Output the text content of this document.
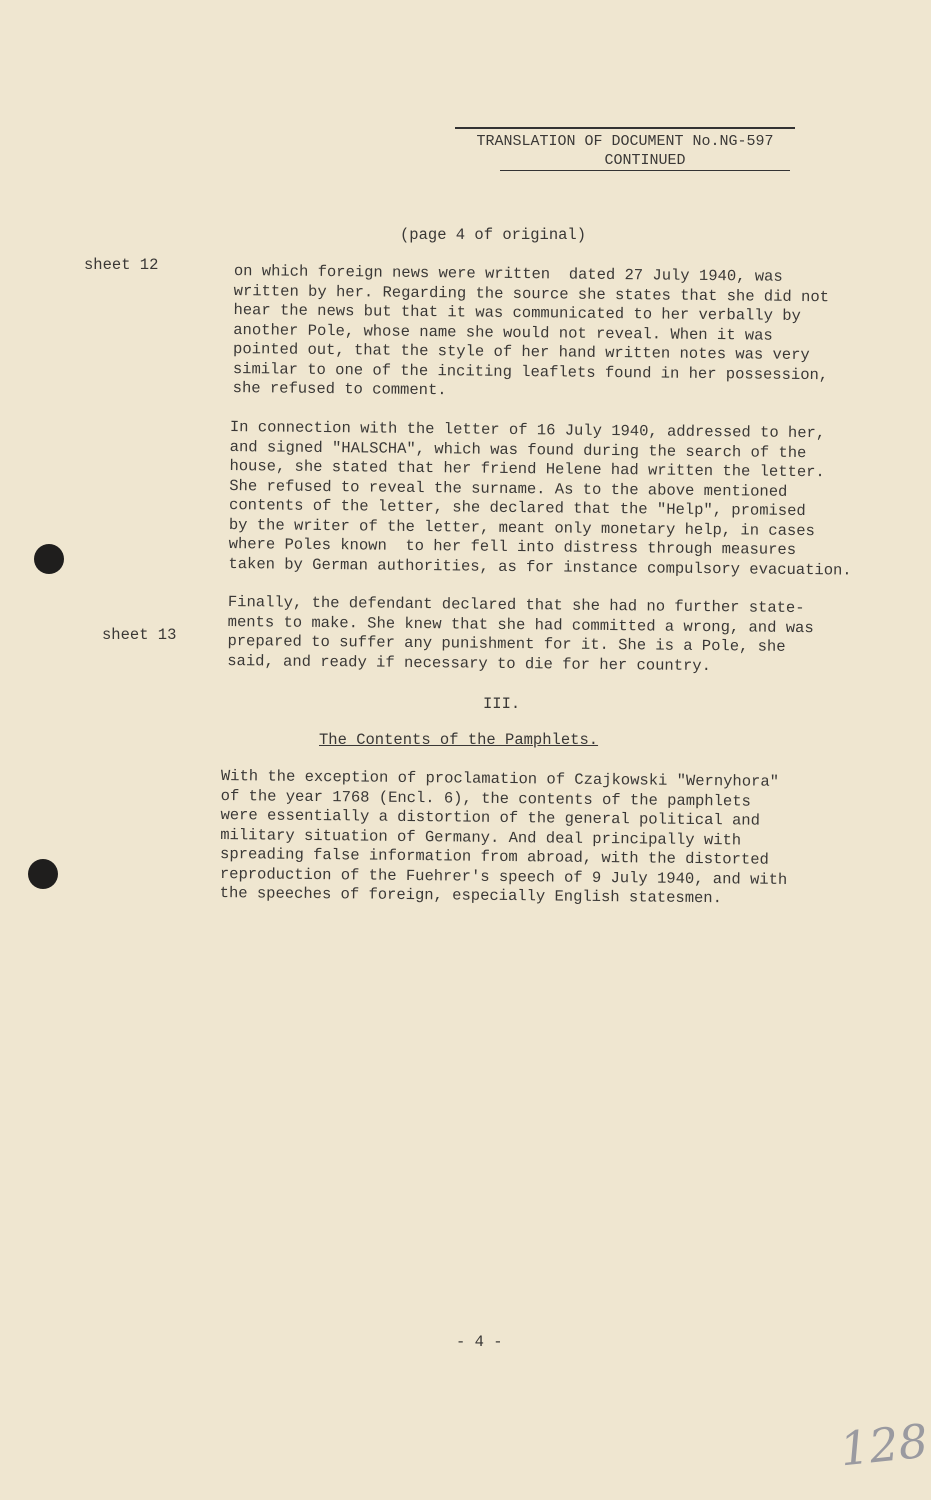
TRANSLATION OF DOCUMENT No.NG-597
CONTINUED
(page 4 of original)
sheet 12	on which foreign news were written  dated 27 July 1940, was
written by her. Regarding the source she states that she did not
hear the news but that it was communicated to her verbally by
another Pole, whose name she would not reveal. When it was
pointed out, that the style of her hand written notes was very
similar to one of the inciting leaflets found in her possession,
she refused to comment.
In connection with the letter of 16 July 1940, addressed to her,
and signed "HALSCHA", which was found during the search of the
house, she stated that her friend Helene had written the letter.
She refused to reveal the surname. As to the above mentioned
contents of the letter, she declared that the "Help", promised
by the writer of the letter, meant only monetary help, in cases
where Poles known  to her fell into distress through measures
taken by German authorities, as for instance compulsory evacuation.
sheet 13
Finally, the defendant declared that she had no further state-
ments to make. She knew that she had committed a wrong, and was
prepared to suffer any punishment for it. She is a Pole, she
said, and ready if necessary to die for her country.
III.
The Contents of the Pamphlets.
With the exception of proclamation of Czajkowski "Wernyhora"
of the year 1768 (Encl. 6), the contents of the pamphlets
were essentially a distortion of the general political and
military situation of Germany. And deal principally with
spreading false information from abroad, with the distorted
reproduction of the Fuehrer's speech of 9 July 1940, and with
the speeches of foreign, especially English statesmen.
- 4 -
128
